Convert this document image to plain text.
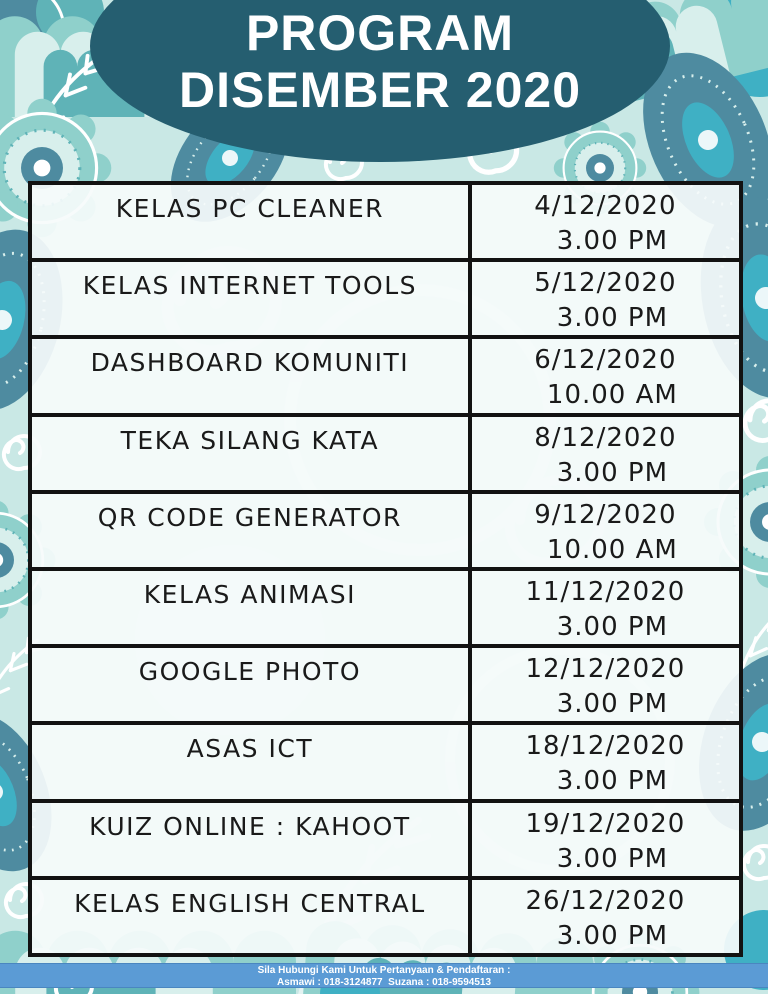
PROGRAM
DISEMBER 2020
KELAS PC CLEANER	4/12/2020
3.00 PM
KELAS INTERNET TOOLS	5/12/2020
3.00 PM
DASHBOARD KOMUNITI	6/12/2020
10.00 AM
TEKA SILANG KATA	8/12/2020
3.00 PM
QR CODE GENERATOR	9/12/2020
10.00 AM
KELAS ANIMASI	11/12/2020
3.00 PM
GOOGLE PHOTO	12/12/2020
3.00 PM
ASAS ICT	18/12/2020
3.00 PM
KUIZ ONLINE : KAHOOT	19/12/2020
3.00 PM
KELAS ENGLISH CENTRAL	26/12/2020
3.00 PM
Sila Hubungi Kami Untuk Pertanyaan & Pendaftaran :
Asmawi : 018-3124877  Suzana : 018-9594513
